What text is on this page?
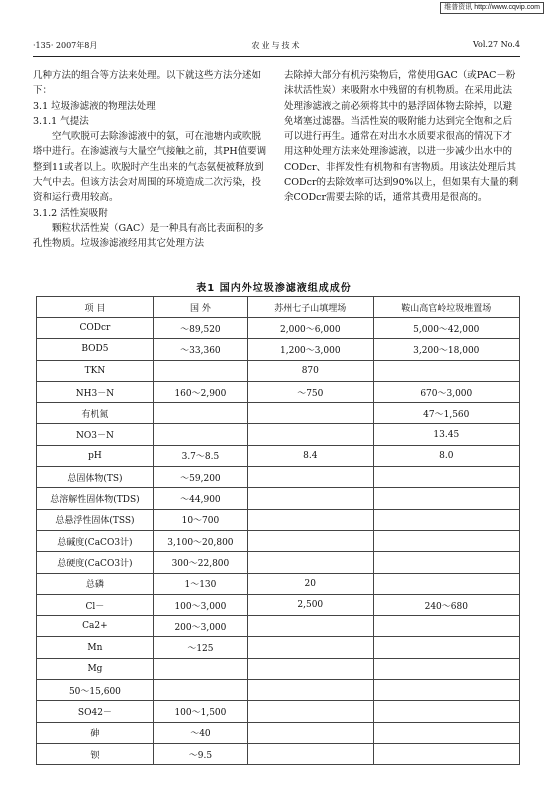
维普资讯 http://www.cqvip.com
·135· 2007年8月	农业与技术	Vol.27 No.4

几种方法的组合等方法来处理。以下就这些方法分述如下：

3.1 垃圾渗滤液的物理法处理

3.1.1 气提法

空气吹脱可去除渗滤液中的氨，可在池塘内或吹脱塔中进行。在渗滤液与大量空气接触之前，其PH值要调整到11或者以上。吹脱时产生出来的气态氨便被释放到大气中去。但该方法会对周围的环境造成二次污染，投资和运行费用较高。

3.1.2 活性炭吸附

颗粒状活性炭（GAC）是一种具有高比表面积的多孔性物质。垃圾渗滤液经用其它处理方法

去除掉大部分有机污染物后，常使用GAC（或PAC－粉沫状活性炭）来吸附水中残留的有机物质。在采用此法处理渗滤液之前必须将其中的悬浮固体物去除掉，以避免堵塞过滤器。当活性炭的吸附能力达到完全饱和之后可以进行再生。通常在对出水水质要求很高的情况下才用这种处理方法来处理渗滤液，以进一步减少出水中的CODcr、非挥发性有机物和有害物质。用该法处理后其CODcr的去除效率可达到90%以上，但如果有大量的剩余CODcr需要去除的话，通常其费用是很高的。

表1 国内外垃圾渗滤液组成成份
项 目	国 外	苏州七子山填埋场	鞍山高官岭垃圾堆置场
CODcr	～89,520	2,000～6,000	5,000～42,000
BOD5	～33,360	1,200～3,000	3,200～18,000
TKN		870	
NH3－N	160～2,900	～750	670～3,000
有机氮			47～1,560
NO3－N			13.45
pH	3.7～8.5	8.4	8.0
总固体物(TS)	～59,200		
总溶解性固体物(TDS)	～44,900		
总悬浮性固体(TSS)	10～700		
总碱度(CaCO3计)	3,100～20,800		
总硬度(CaCO3计)	300～22,800		
总磷	1～130	20	
Cl－	100～3,000	2,500	240～680
Ca2+	200～3,000		
Mn	～125		
Mg			
50～15,600			
SO42－	100～1,500		
砷	～40		
钡	～9.5		
